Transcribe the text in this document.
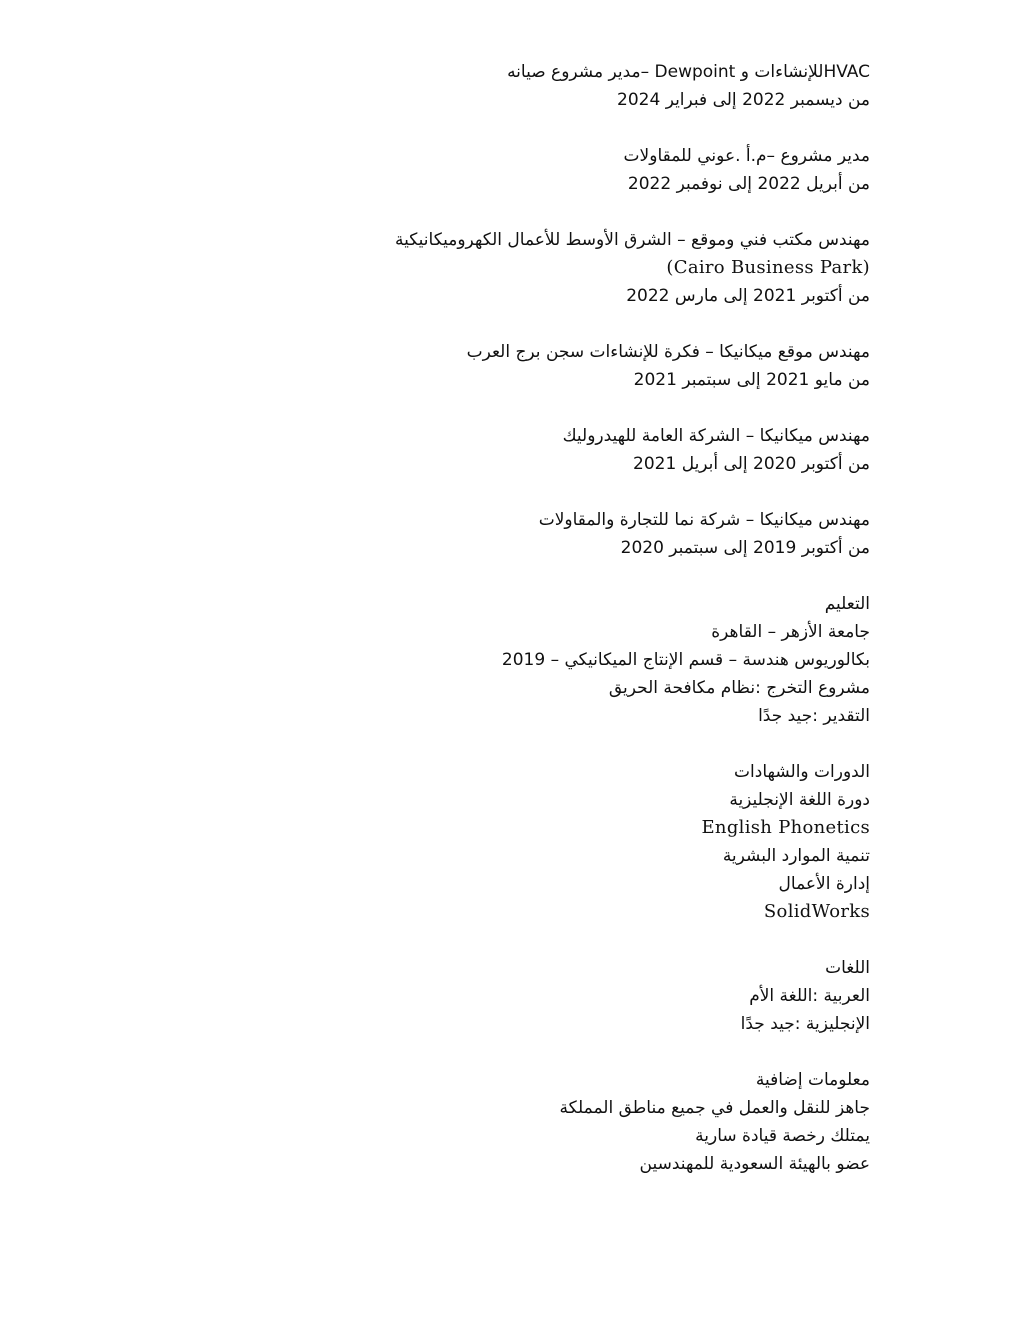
HVACللإنشاءات و Dewpoint –مدير مشروع صيانه
من ديسمبر 2022 إلى فبراير 2024
مدير مشروع –م.أ .عوني للمقاولات
من أبريل 2022 إلى نوفمبر 2022
مهندس مكتب فني وموقع – الشرق الأوسط للأعمال الكهروميكانيكية
(Cairo Business Park)
من أكتوبر 2021 إلى مارس 2022
مهندس موقع ميكانيكا – فكرة للإنشاءات سجن برج العرب
من مايو 2021 إلى سبتمبر 2021
مهندس ميكانيكا – الشركة العامة للهيدروليك
من أكتوبر 2020 إلى أبريل 2021
مهندس ميكانيكا – شركة نما للتجارة والمقاولات
من أكتوبر 2019 إلى سبتمبر 2020
التعليم
جامعة الأزهر – القاهرة
بكالوريوس هندسة – قسم الإنتاج الميكانيكي – 2019
مشروع التخرج :نظام مكافحة الحريق
التقدير :جيد جدًا
الدورات والشهادات
دورة اللغة الإنجليزية
English Phonetics
تنمية الموارد البشرية
إدارة الأعمال
SolidWorks
اللغات
العربية :اللغة الأم
الإنجليزية :جيد جدًا
معلومات إضافية
جاهز للنقل والعمل في جميع مناطق المملكة
يمتلك رخصة قيادة سارية
عضو بالهيئة السعودية للمهندسين
